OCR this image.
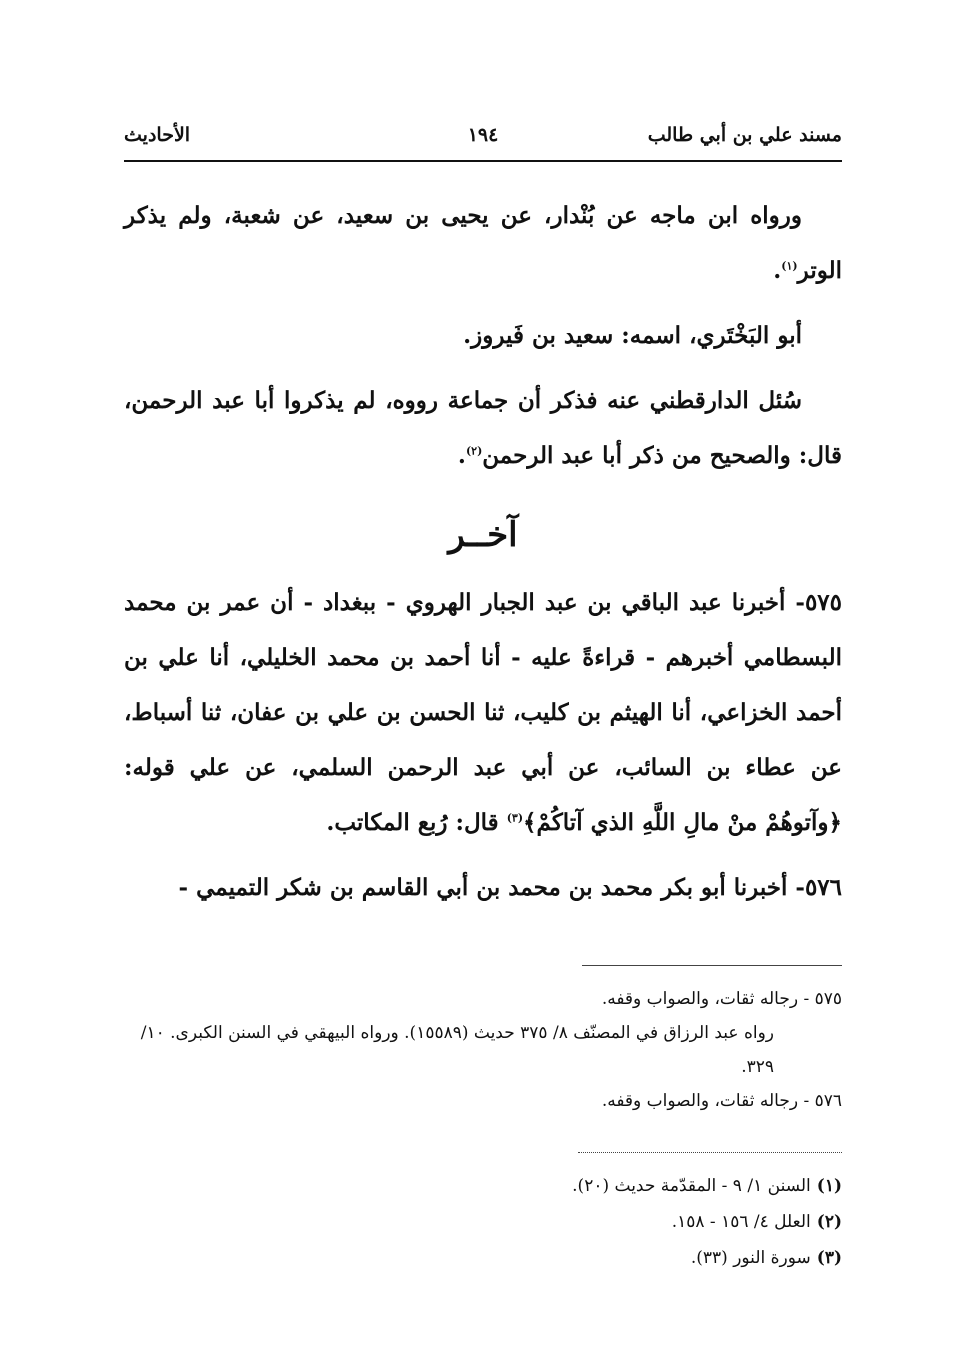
مسند علي بن أبي طالب
١٩٤
الأحاديث

ورواه ابن ماجه عن بُنْدار، عن يحيى بن سعيد، عن شعبة، ولم يذكر الوتر$^{(١)}$.

أبو البَخْتَري، اسمه: سعيد بن فَيروز.

سُئل الدارقطني عنه فذكر أن جماعة رووه، لم يذكروا أبا عبد الرحمن، قال: والصحيح من ذكر أبا عبد الرحمن$^{(٢)}$.

آخــر

٥٧٥- أخبرنا عبد الباقي بن عبد الجبار الهروي - ببغداد - أن عمر بن محمد البسطامي أخبرهم - قراءةً عليه - أنا أحمد بن محمد الخليلي، أنا علي بن أحمد الخزاعي، أنا الهيثم بن كليب، ثنا الحسن بن علي بن عفان، ثنا أسباط، عن عطاء بن السائب، عن أبي عبد الرحمن السلمي، عن علي قوله: ﴿وآتوهُمْ منْ مالِ اللَّهِ الذي آتاكُمْ﴾$^{(٣)}$ قال: رُبع المكاتب.

٥٧٦- أخبرنا أبو بكر محمد بن محمد بن أبي القاسم بن شكر التميمي -

٥٧٥ - رجاله ثقات، والصواب وقفه.

رواه عبد الرزاق في المصنّف ٨/ ٣٧٥ حديث (١٥٥٨٩). ورواه البيهقي في السنن الكبرى. ١٠/ ٣٢٩.

٥٧٦ - رجاله ثقات، والصواب وقفه.

(١)السنن ١/ ٩ - المقدّمة حديث (٢٠).

(٢)العلل ٤/ ١٥٦ - ١٥٨.

(٣)سورة النور (٣٣).
